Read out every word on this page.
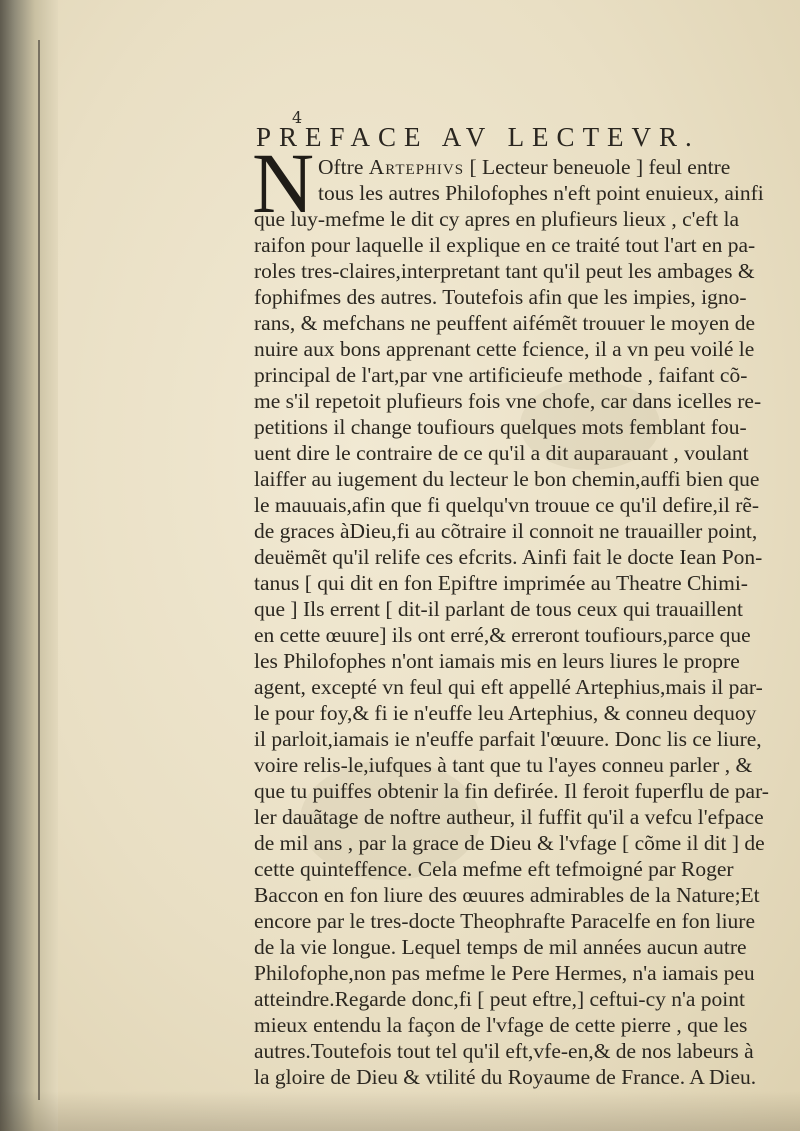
4
PREFACE AV LECTEVR.
N Oftre Artephivs [ Lecteur beneuole ] feul entre
tous les autres Philofophes n'eft point enuieux, ainfi
que luy-mefme le dit cy apres en plufieurs lieux , c'eft la
raifon pour laquelle il explique en ce traité tout l'art en pa-
roles tres-claires,interpretant tant qu'il peut les ambages &
fophifmes des autres. Toutefois afin que les impies, igno-
rans, & mefchans ne peuffent aifémẽt trouuer le moyen de
nuire aux bons apprenant cette fcience, il a vn peu voilé le
principal de l'art,par vne artificieufe methode , faifant cõ-
me s'il repetoit plufieurs fois vne chofe, car dans icelles re-
petitions il change toufiours quelques mots femblant fou-
uent dire le contraire de ce qu'il a dit auparauant , voulant
laiffer au iugement du lecteur le bon chemin,auffi bien que
le mauuais,afin que fi quelqu'vn trouue ce qu'il defire,il rẽ-
de graces àDieu,fi au cõtraire il connoit ne trauailler point,
deuëmẽt qu'il relife ces efcrits. Ainfi fait le docte Iean Pon-
tanus [ qui dit en fon Epiftre imprimée au Theatre Chimi-
que ] Ils errent [ dit-il parlant de tous ceux qui trauaillent
en cette œuure] ils ont erré,& erreront toufiours,parce que
les Philofophes n'ont iamais mis en leurs liures le propre
agent, excepté vn feul qui eft appellé Artephius,mais il par-
le pour foy,& fi ie n'euffe leu Artephius, & conneu dequoy
il parloit,iamais ie n'euffe parfait l'œuure. Donc lis ce liure,
voire relis-le,iufques à tant que tu l'ayes conneu parler , &
que tu puiffes obtenir la fin defirée. Il feroit fuperflu de par-
ler dauãtage de noftre autheur, il fuffit qu'il a vefcu l'efpace
de mil ans , par la grace de Dieu & l'vfage [ cõme il dit ] de
cette quinteffence. Cela mefme eft tefmoigné par Roger
Baccon en fon liure des œuures admirables de la Nature;Et
encore par le tres-docte Theophrafte Paracelfe en fon liure
de la vie longue. Lequel temps de mil années aucun autre
Philofophe,non pas mefme le Pere Hermes, n'a iamais peu
atteindre.Regarde donc,fi [ peut eftre,] ceftui-cy n'a point
mieux entendu la façon de l'vfage de cette pierre , que les
autres.Toutefois tout tel qu'il eft,vfe-en,& de nos labeurs à
la gloire de Dieu & vtilité du Royaume de France. A Dieu.
